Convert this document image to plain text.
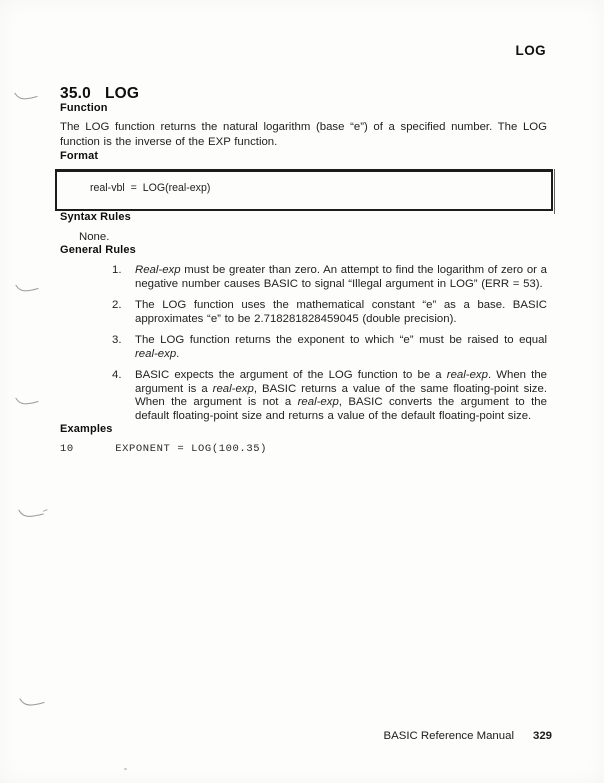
LOG
35.0 LOG
Function

The LOG function returns the natural logarithm (base “e”) of a specified number. The LOG function is the inverse of the EXP function.

Format
real-vbl  =  LOG(real-exp)
Syntax Rules

None.

General Rules
1.	Real-exp must be greater than zero. An attempt to find the logarithm of zero or a negative number causes BASIC to signal “Illegal argument in LOG” (ERR = 53).
2.	The LOG function uses the mathematical constant “e” as a base. BASIC approximates “e” to be 2.718281828459045 (double precision).
3.	The LOG function returns the exponent to which “e” must be raised to equal real-exp.
4.	BASIC expects the argument of the LOG function to be a real-exp. When the argument is a real-exp, BASIC returns a value of the same floating-point size. When the argument is not a real-exp, BASIC converts the argument to the default floating-point size and returns a value of the default floating-point size.
Examples
10      EXPONENT = LOG(100.35)
BASIC Reference Manual 329
